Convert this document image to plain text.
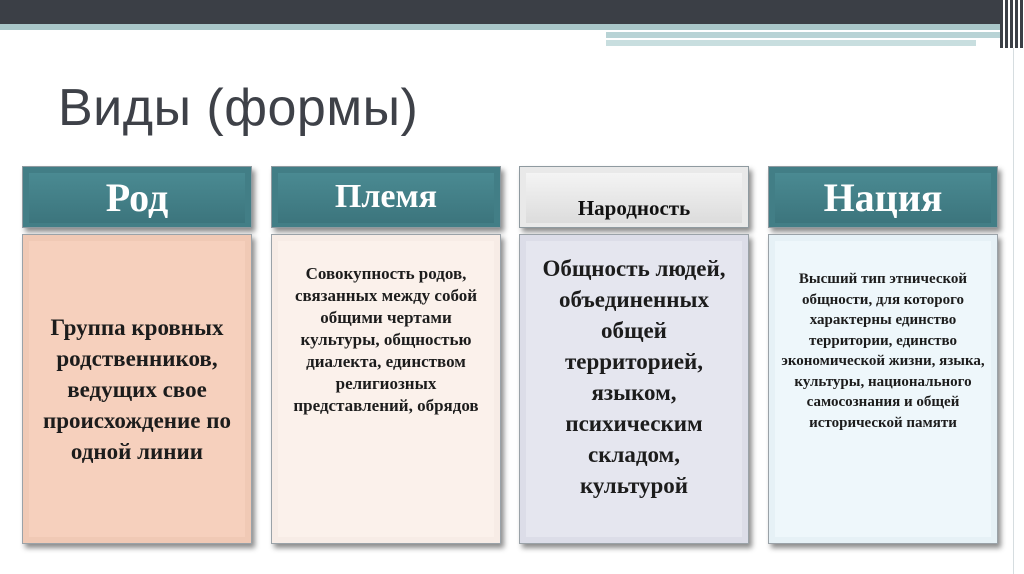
Виды (формы)
Род
Группа кровных родственников, ведущих свое происхождение по одной линии
Племя
Совокупность родов, связанных между собой общими чертами культуры, общностью диалекта, единством религиозных представлений, обрядов
Народность
Общность людей, объединенных общей территорией, языком, психическим складом, культурой
Нация
Высший тип этнической общности, для которого характерны единство территории, единство экономической жизни, языка, культуры, национального самосознания и общей исторической памяти
